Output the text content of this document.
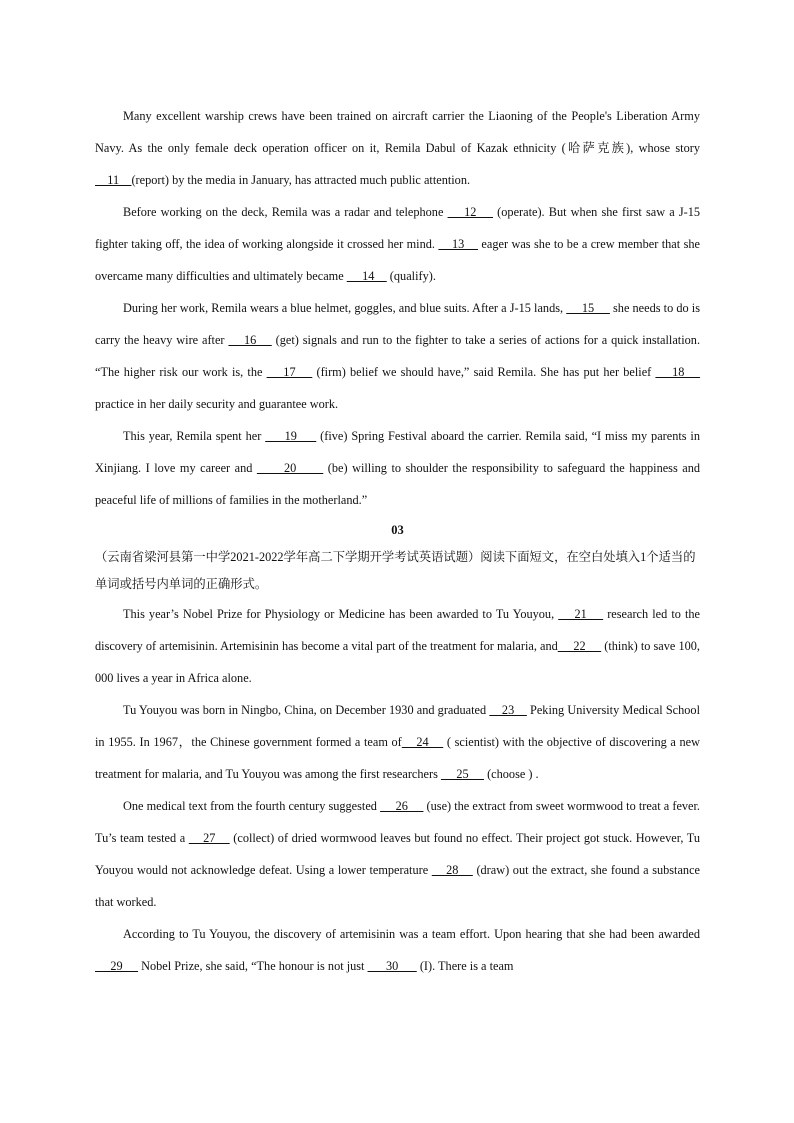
Many excellent warship crews have been trained on aircraft carrier the Liaoning of the People's Liberation Army Navy. As the only female deck operation officer on it, Remila Dabul of Kazak ethnicity (哈萨克族), whose story     11    (report) by the media in January, has attracted much public attention.

Before working on the deck, Remila was a radar and telephone     12     (operate). But when she first saw a J-15 fighter taking off, the idea of working alongside it crossed her mind.     13     eager was she to be a crew member that she overcame many difficulties and ultimately became      14     (qualify).

During her work, Remila wears a blue helmet, goggles, and blue suits. After a J-15 lands,      15      she needs to do is carry the heavy wire after     16     (get) signals and run to the fighter to take a series of actions for a quick installation. “The higher risk our work is, the     17     (firm) belief we should have,” said Remila. She has put her belief     18     practice in her daily security and guarantee work.

This year, Remila spent her      19      (five) Spring Festival aboard the carrier. Remila said, “I miss my parents in Xinjiang. I love my career and       20       (be) willing to shoulder the responsibility to safeguard the happiness and peaceful life of millions of families in the motherland.”

03

（云南省梁河县第一中学2021-2022学年高二下学期开学考试英语试题）阅读下面短文，在空白处填入1个适当的单词或括号内单词的正确形式。

This year’s Nobel Prize for Physiology or Medicine has been awarded to Tu Youyou,     21     research led to the discovery of artemisinin. Artemisinin has become a vital part of the treatment for malaria, and     22      (think) to save 100, 000 lives a year in Africa alone.

Tu Youyou was born in Ningbo, China, on December 1930 and graduated     23     Peking University Medical School in 1955. In 1967，the Chinese government formed a team of    24     ( scientist) with the objective of discovering a new treatment for malaria, and Tu Youyou was among the first researchers      25      (choose ) .

One medical text from the fourth century suggested      26      (use) the extract from sweet wormwood to treat a fever. Tu’s team tested a     27     (collect) of dried wormwood leaves but found no effect. Their project got stuck. However, Tu Youyou would not acknowledge defeat. Using a lower temperature     28     (draw) out the extract, she found a substance that worked.

According to Tu Youyou, the discovery of artemisinin was a team effort. Upon hearing that she had been awarded      29      Nobel Prize, she said, “The honour is not just       30       (I). There is a team
